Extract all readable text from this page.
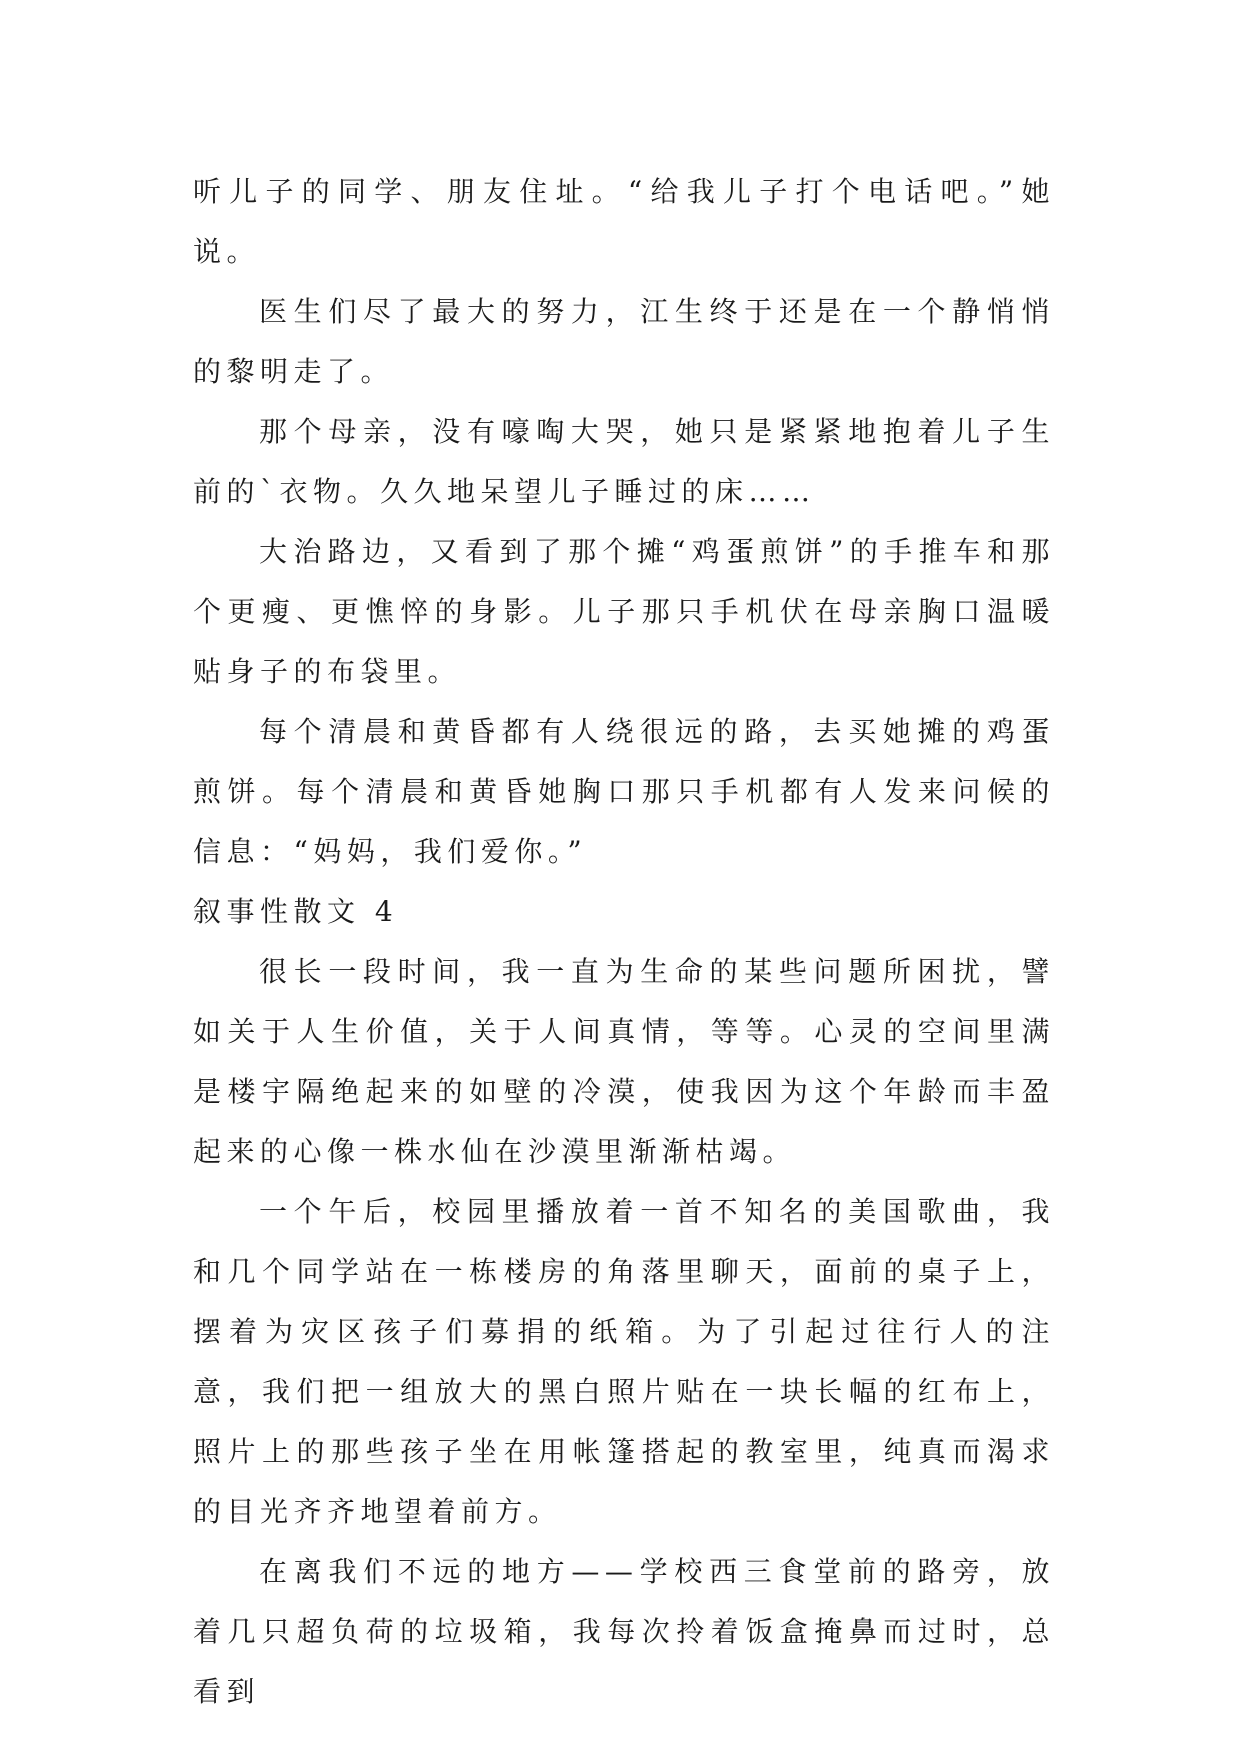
听儿子的同学、朋友住址。“给我儿子打个电话吧。”她说。

医生们尽了最大的努力，江生终于还是在一个静悄悄的黎明走了。

那个母亲，没有嚎啕大哭，她只是紧紧地抱着儿子生前的`衣物。久久地呆望儿子睡过的床……

大治路边，又看到了那个摊“鸡蛋煎饼”的手推车和那个更瘦、更憔悴的身影。儿子那只手机伏在母亲胸口温暖贴身子的布袋里。

每个清晨和黄昏都有人绕很远的路，去买她摊的鸡蛋煎饼。每个清晨和黄昏她胸口那只手机都有人发来问候的信息：“妈妈，我们爱你。”

叙事性散文 4

很长一段时间，我一直为生命的某些问题所困扰，譬如关于人生价值，关于人间真情，等等。心灵的空间里满是楼宇隔绝起来的如壁的冷漠，使我因为这个年龄而丰盈起来的心像一株水仙在沙漠里渐渐枯竭。

一个午后，校园里播放着一首不知名的美国歌曲，我和几个同学站在一栋楼房的角落里聊天，面前的桌子上，摆着为灾区孩子们募捐的纸箱。为了引起过往行人的注意，我们把一组放大的黑白照片贴在一块长幅的红布上，照片上的那些孩子坐在用帐篷搭起的教室里，纯真而渴求的目光齐齐地望着前方。

在离我们不远的地方——学校西三食堂前的路旁，放着几只超负荷的垃圾箱，我每次拎着饭盒掩鼻而过时，总看到
